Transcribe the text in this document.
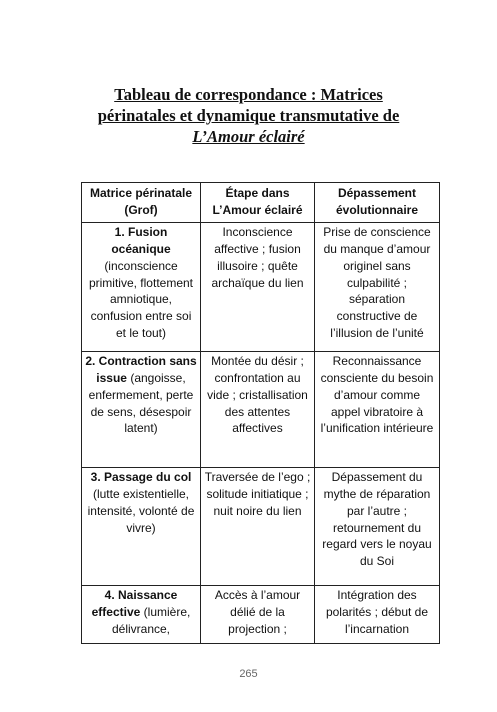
Tableau de correspondance : Matrices
périnatales et dynamique transmutative de
L’Amour éclairé
Matrice périnatale (Grof)	Étape dans L’Amour éclairé	Dépassement évolutionnaire
1. Fusion océanique (inconscience primitive, flottement amniotique, confusion entre soi et le tout)	Inconscience affective ; fusion illusoire ; quête archaïque du lien	Prise de conscience du manque d’amour originel sans culpabilité ; séparation constructive de l’illusion de l’unité
2. Contraction sans issue (angoisse, enfermement, perte de sens, désespoir latent)	Montée du désir ; confrontation au vide ; cristallisation des attentes affectives	Reconnaissance consciente du besoin d’amour comme appel vibratoire à l’unification intérieure
3. Passage du col (lutte existentielle, intensité, volonté de vivre)	Traversée de l’ego ; solitude initiatique ; nuit noire du lien	Dépassement du mythe de réparation par l’autre ; retournement du regard vers le noyau du Soi
4. Naissance effective (lumière, délivrance,	Accès à l’amour délié de la projection ;	Intégration des polarités ; début de l’incarnation
265
